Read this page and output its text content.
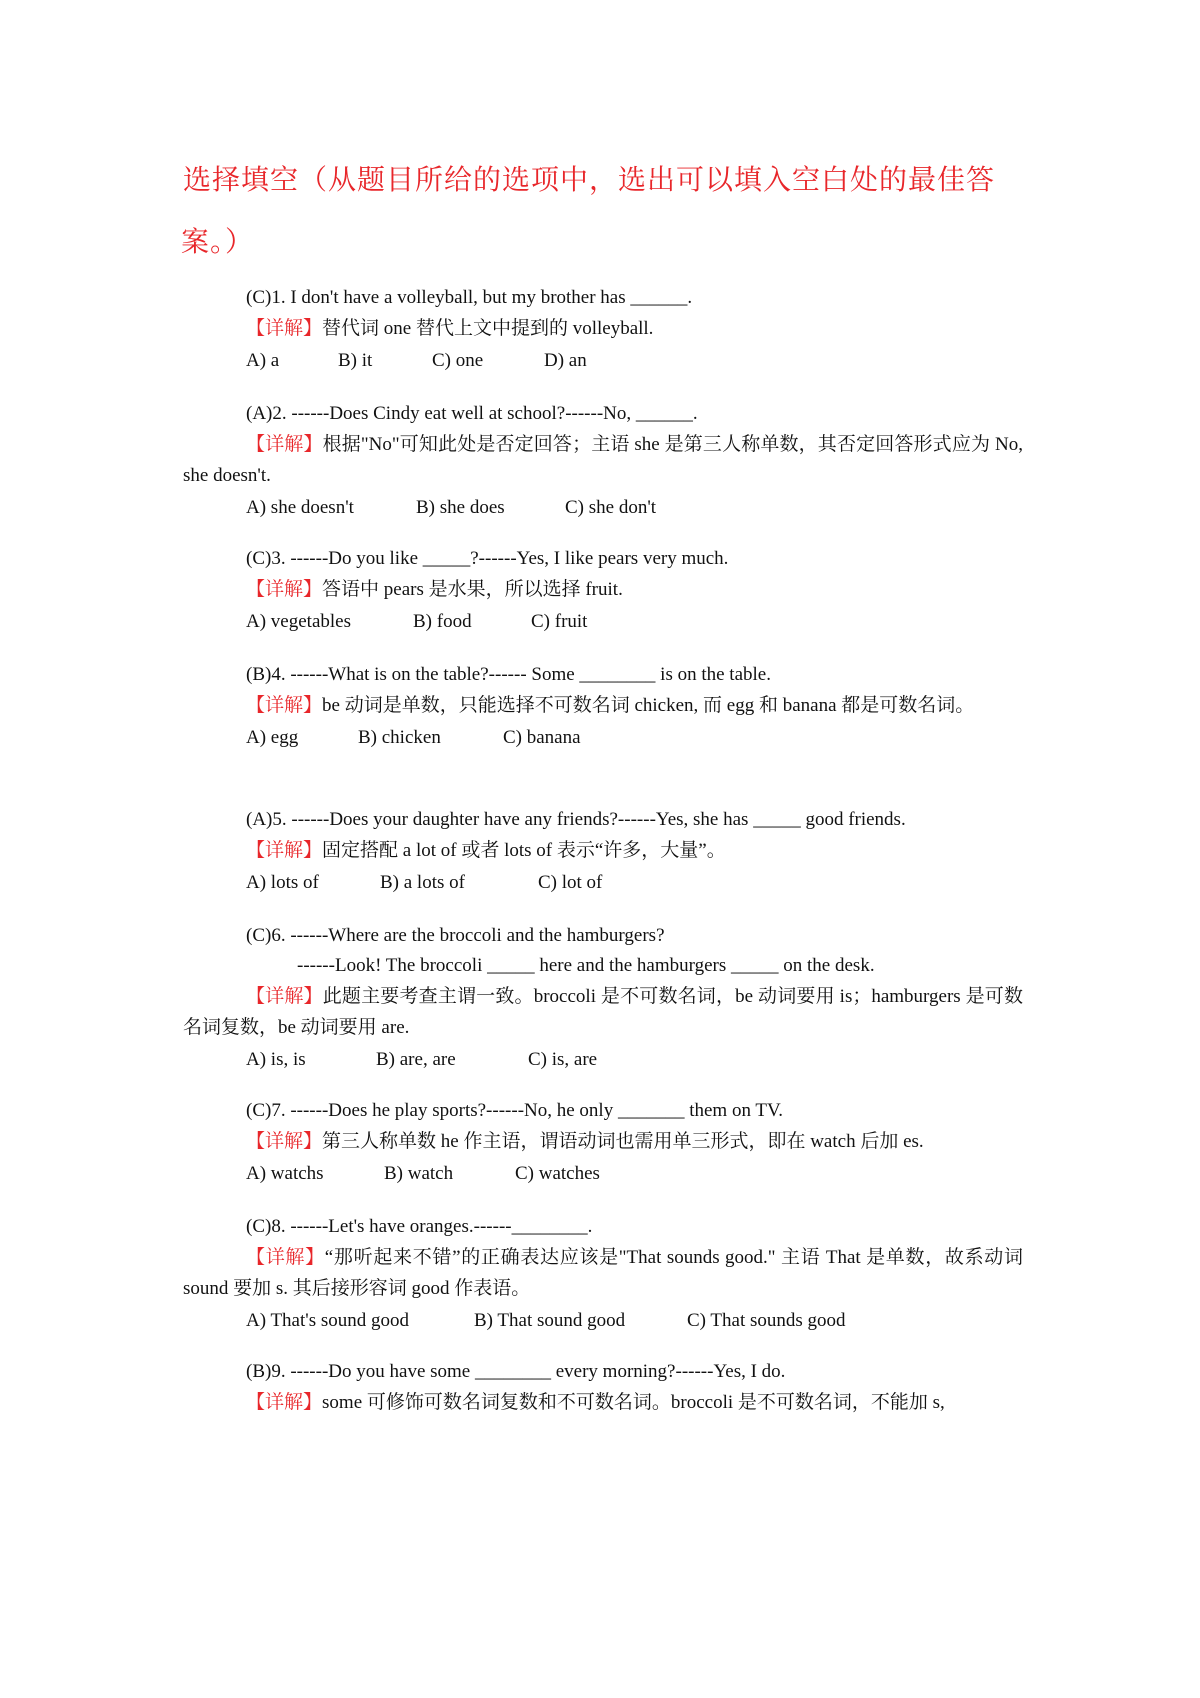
选择填空（从题目所给的选项中，选出可以填入空白处的最佳答
案。）
(C)1. I don't have a volleyball, but my brother has ______.
【详解】替代词 one 替代上文中提到的 volleyball.
A) a	B) it	C) one	D) an
(A)2. ------Does Cindy eat well at school?------No, ______.
【详解】根据"No"可知此处是否定回答；主语 she 是第三人称单数，其否定回答形式应为 No, she doesn't.
A) she doesn't	B) she does	C) she don't
(C)3. ------Do you like _____?------Yes, I like pears very much.
【详解】答语中 pears 是水果，所以选择 fruit.
A) vegetables	B) food	C) fruit
(B)4. ------What is on the table?------ Some ________ is on the table.
【详解】be 动词是单数，只能选择不可数名词 chicken, 而 egg 和 banana 都是可数名词。
A) egg	B) chicken	C) banana
(A)5. ------Does your daughter have any friends?------Yes, she has _____ good friends.
【详解】固定搭配 a lot of 或者 lots of 表示“许多，大量”。
A) lots of	B) a lots of	C) lot of
(C)6. ------Where are the broccoli and the hamburgers?
------Look! The broccoli _____ here and the hamburgers _____ on the desk.
【详解】此题主要考查主谓一致。broccoli 是不可数名词，be 动词要用 is；hamburgers 是可数名词复数，be 动词要用 are.
A) is, is	B) are, are	C) is, are
(C)7. ------Does he play sports?------No, he only _______ them on TV.
【详解】第三人称单数 he 作主语，谓语动词也需用单三形式，即在 watch 后加 es.
A) watchs	B) watch	C) watches
(C)8. ------Let's have oranges.------________.
【详解】“那听起来不错”的正确表达应该是"That sounds good." 主语 That 是单数，故系动词 sound 要加 s. 其后接形容词 good 作表语。
A) That's sound good	B) That sound good	C) That sounds good
(B)9. ------Do you have some ________ every morning?------Yes, I do.
【详解】some 可修饰可数名词复数和不可数名词。broccoli 是不可数名词，不能加 s,
